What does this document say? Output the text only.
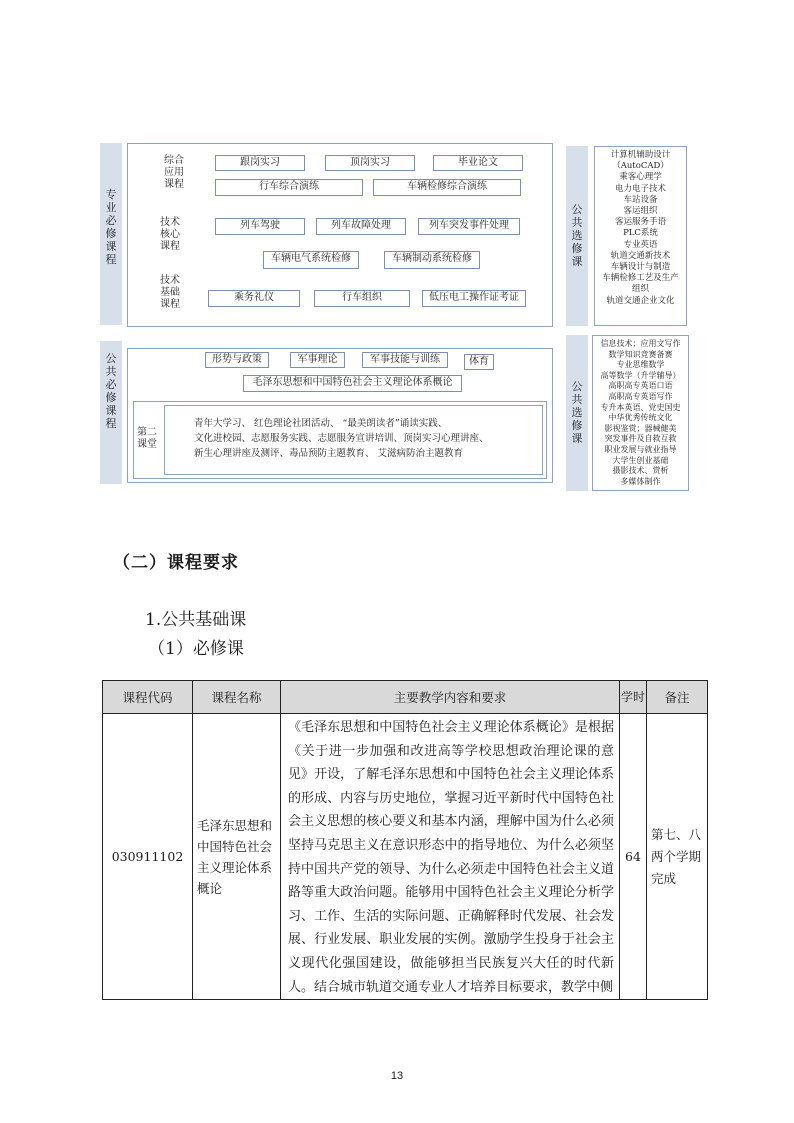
专业必修课程
综合应用课程
跟岗实习	顶岗实习	毕业论文
行车综合演练	车辆检修综合演练
技术核心课程
列车驾驶	列车故障处理	列车突发事件处理
车辆电气系统检修	车辆制动系统检修
技术基础课程
乘务礼仪	行车组织	低压电工操作证考证
公共选修课
计算机辅助设计
（AutoCAD）
乘客心理学
电力电子技术
车站设备
客运组织
客运服务手语
PLC系统
专业英语
轨道交通新技术
车辆设计与制造
车辆检修工艺及生产
组织
轨道交通企业文化
公共必修课程
形势与政策	军事理论	军事技能与训练	体育
毛泽东思想和中国特色社会主义理论体系概论
第二课堂
青年大学习、 红色理论社团活动、 “最美朗读者”诵读实践、
文化进校园、志愿服务实践、志愿服务宣讲培训、顶岗实习心理讲座、
新生心理讲座及测评、毒品预防主题教育、 艾滋病防治主题教育
公共选修课
信息技术；应用文写作
数学知识竞赛备赛
专业思维数学
高等数学（升学辅导）
高职高专英语口语
高职高专英语写作
专升本英语、党史国史
中华优秀传统文化
影视鉴赏；器械健美
突发事件及自救互救
职业发展与就业指导
大学生创业基础
摄影技术、赏析
多媒体制作
（二）课程要求
1.公共基础课
（1）必修课
课程代码	课程名称	主要教学内容和要求	学时	备注
030911102	毛泽东思想和中国特色社会主义理论体系概论	《毛泽东思想和中国特色社会主义理论体系概论》是根据《关于进一步加强和改进高等学校思想政治理论课的意见》开设，了解毛泽东思想和中国特色社会主义理论体系的形成、内容与历史地位，掌握习近平新时代中国特色社会主义思想的核心要义和基本内涵，理解中国为什么必须坚持马克思主义在意识形态中的指导地位、为什么必须坚持中国共产党的领导、为什么必须走中国特色社会主义道路等重大政治问题。能够用中国特色社会主义理论分析学习、工作、生活的实际问题、正确解释时代发展、社会发展、行业发展、职业发展的实例。激励学生投身于社会主义现代化强国建设，做能够担当民族复兴大任的时代新人。结合城市轨道交通专业人才培养目标要求，教学中侧	64	第七、八两个学期完成
13
